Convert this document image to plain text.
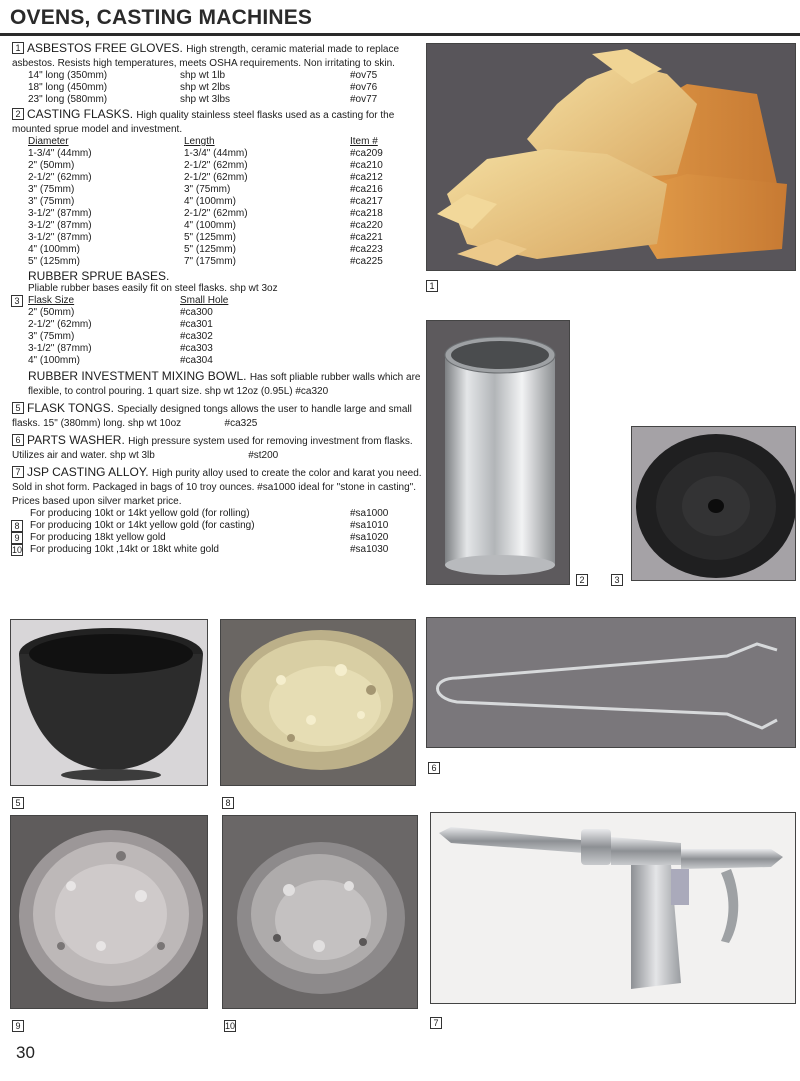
OVENS, CASTING MACHINES
1 ASBESTOS FREE GLOVES. High strength, ceramic material made to replace asbestos. Resists high temperatures, meets OSHA requirements. Non irritating to skin.
14" long (350mm)	shp wt 1lb	#ov75
18" long (450mm)	shp wt 2lbs	#ov76
23" long (580mm)	shp wt 3lbs	#ov77
2 CASTING FLASKS. High quality stainless steel flasks used as a casting for the mounted sprue model and investment.
Diameter	Length	Item #
1-3/4" (44mm)	1-3/4" (44mm)	#ca209
2" (50mm)	2-1/2" (62mm)	#ca210
2-1/2" (62mm)	2-1/2" (62mm)	#ca212
3" (75mm)	3" (75mm)	#ca216
3" (75mm)	4" (100mm)	#ca217
3-1/2" (87mm)	2-1/2" (62mm)	#ca218
3-1/2" (87mm)	4" (100mm)	#ca220
3-1/2" (87mm)	5" (125mm)	#ca221
4" (100mm)	5" (125mm)	#ca223
5" (125mm)	7" (175mm)	#ca225
RUBBER SPRUE BASES.
Pliable rubber bases easily fit on steel flasks. shp wt 3oz
3 Flask Size	Small Hole
2" (50mm)	#ca300
2-1/2" (62mm)	#ca301
3" (75mm)	#ca302
3-1/2" (87mm)	#ca303
4" (100mm)	#ca304
RUBBER INVESTMENT MIXING BOWL. Has soft pliable rubber walls which are flexible, to control pouring. 1 quart size. shp wt 12oz (0.95L) #ca320
5 FLASK TONGS. Specially designed tongs allows the user to handle large and small flasks. 15" (380mm) long. shp wt 10oz	#ca325
6 PARTS WASHER. High pressure system used for removing investment from flasks. Utilizes air and water. shp wt 3lb	#st200
7 JSP CASTING ALLOY. High purity alloy used to create the color and karat you need. Sold in shot form. Packaged in bags of 10 troy ounces. #sa1000 ideal for "stone in casting". Prices based upon silver market price.
For producing 10kt or 14kt yellow gold (for rolling)	#sa1000
For producing 10kt or 14kt yellow gold (for casting)	#sa1010
8
For producing 18kt yellow gold	#sa1020
9
For producing 10kt ,14kt or 18kt white gold	#sa1030
10
1
2	3
5	8
6
9	10	7
30
